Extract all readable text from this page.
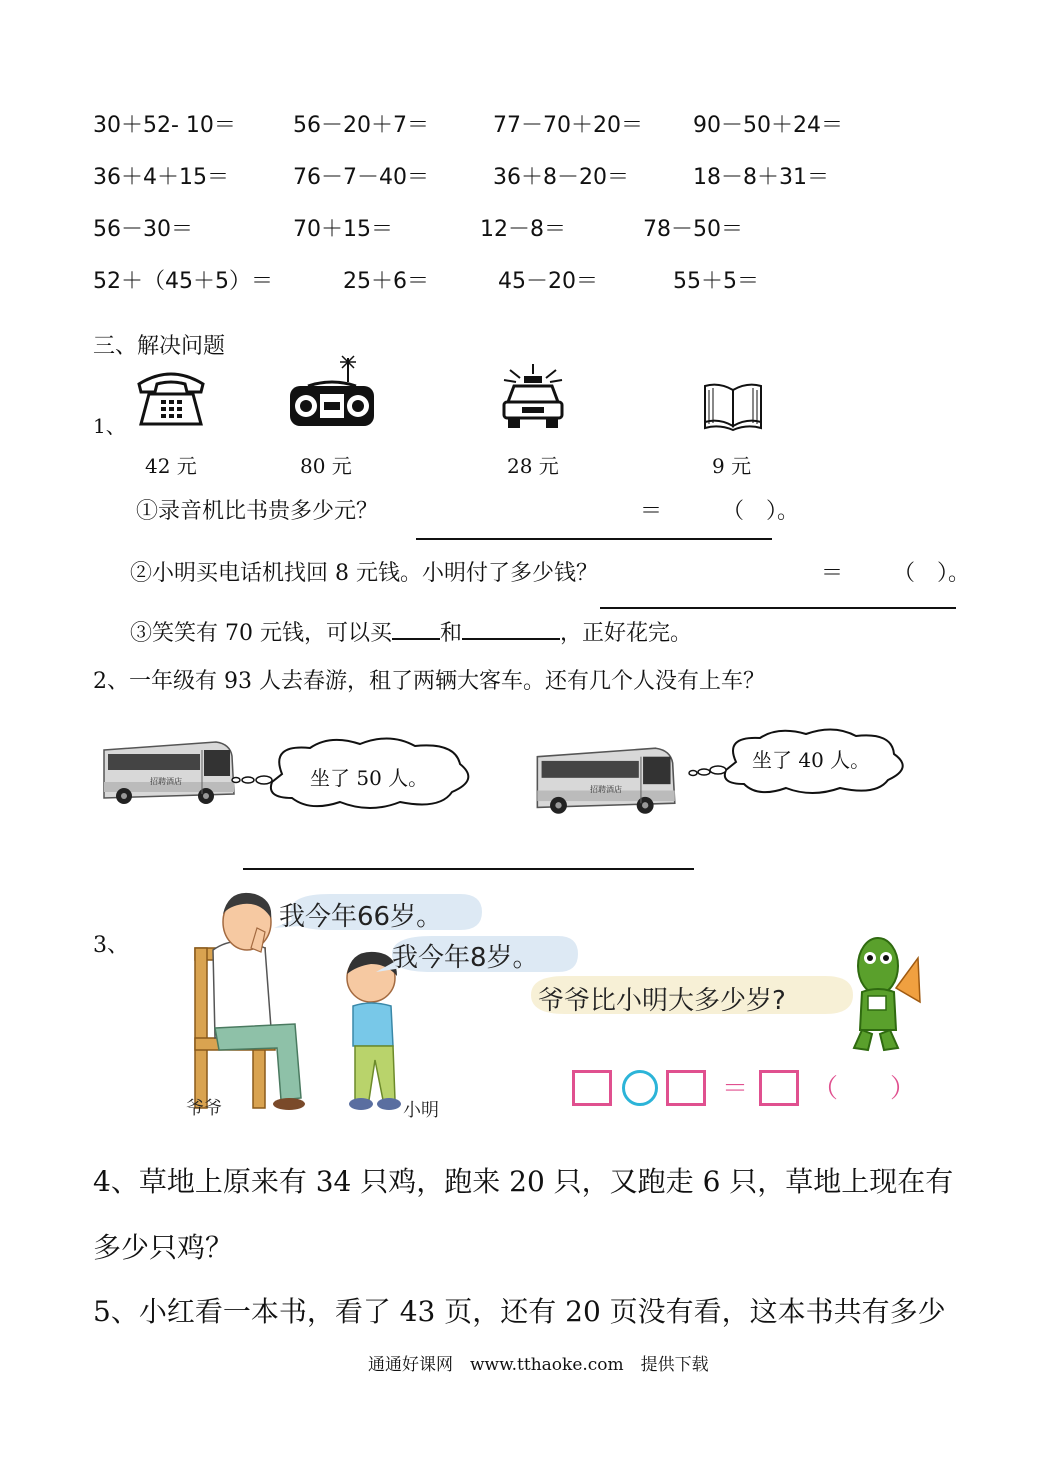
30＋52- 10＝	56－20＋7＝	77－70＋20＝ 90－50＋24＝
36＋4＋15＝	76－7－40＝	36＋8－20＝	18－8＋31＝
56－30＝	70＋15＝	12－8＝	78－50＝
52＋（45＋5）＝	25＋6＝	45－20＝	55＋5＝
三、解决问题
1、
42 元	80 元	28 元	9 元
①录音机比书贵多少元？	＝	（　）。
②小明买电话机找回 8 元钱。小明付了多少钱？	＝ （　）。
③笑笑有 70 元钱，可以买 和	，正好花完。
2、一年级有 93 人去春游，租了两辆大客车。还有几个人没有上车？
招聘酒店	坐了 50 人。	招聘酒店
坐了 40 人。
3、
我今年66岁。
我今年8岁。
爷爷比小明大多少岁?
＝ （　　）
爷爷	小明
4、草地上原来有 34 只鸡，跑来 20 只，又跑走 6 只，草地上现在有
多少只鸡？
5、小红看一本书，看了 43 页，还有 20 页没有看，这本书共有多少
通通好课网　www.tthaoke.com　提供下载
